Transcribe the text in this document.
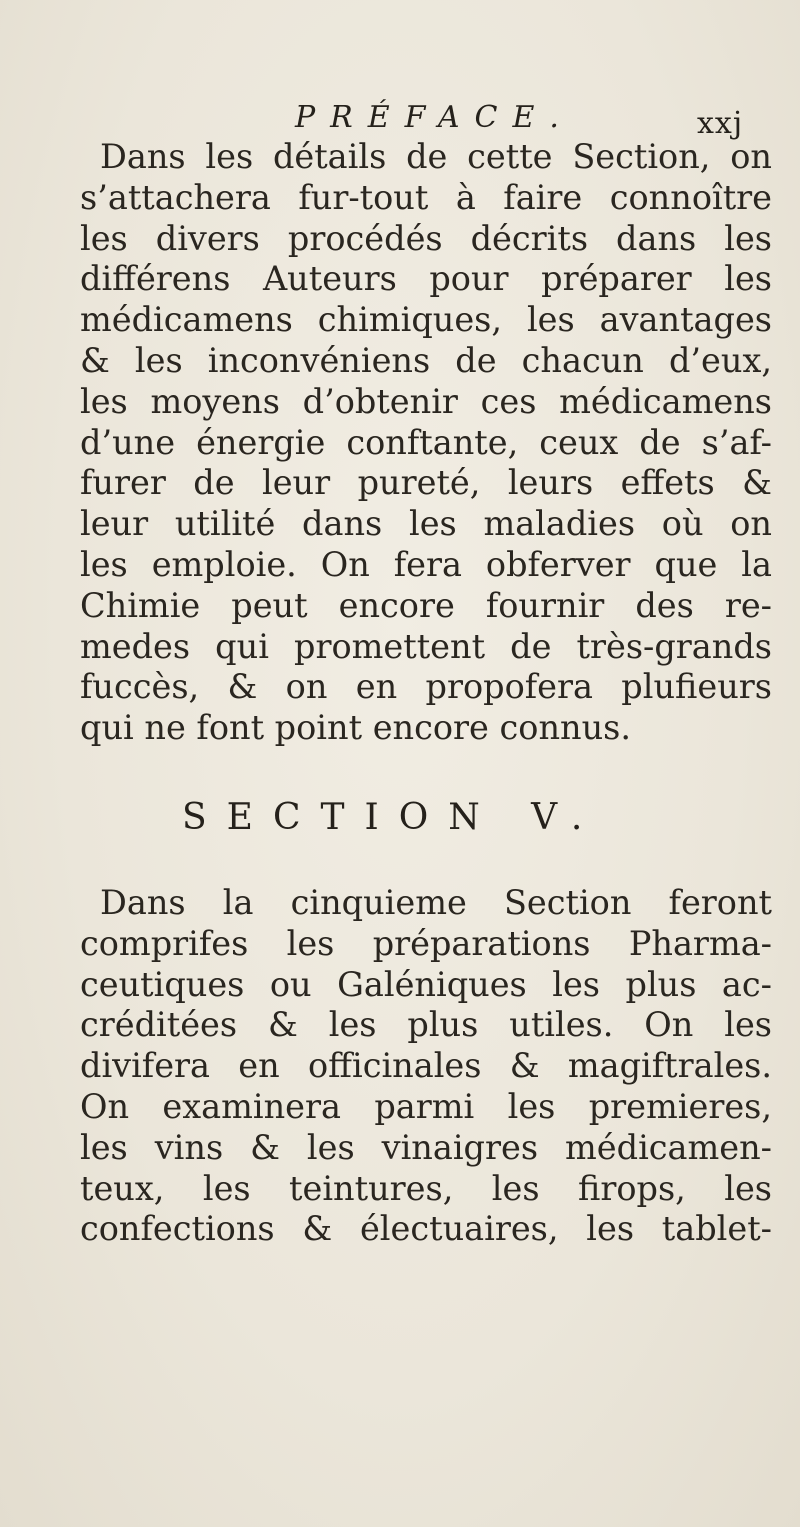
PRÉFACE.	xxj
Dans les détails de cette Section, on
s’attachera fur-tout à faire connoître
les divers procédés décrits dans les
différens Auteurs pour préparer les
médicamens chimiques, les avantages
& les inconvéniens de chacun d’eux,
les moyens d’obtenir ces médicamens
d’une énergie conftante, ceux de s’af-
furer de leur pureté, leurs effets &
leur utilité dans les maladies où on
les emploie. On fera obferver que la
Chimie peut encore fournir des re-
medes qui promettent de très-grands
fuccès, & on en propofera plufieurs
qui ne font point encore connus.
SECTION V.
Dans la cinquieme Section feront
comprifes les préparations Pharma-
ceutiques ou Galéniques les plus ac-
créditées & les plus utiles. On les
divifera en officinales & magiftrales.
On examinera parmi les premieres,
les vins & les vinaigres médicamen-
teux, les teintures, les firops, les
confections & électuaires, les tablet-
